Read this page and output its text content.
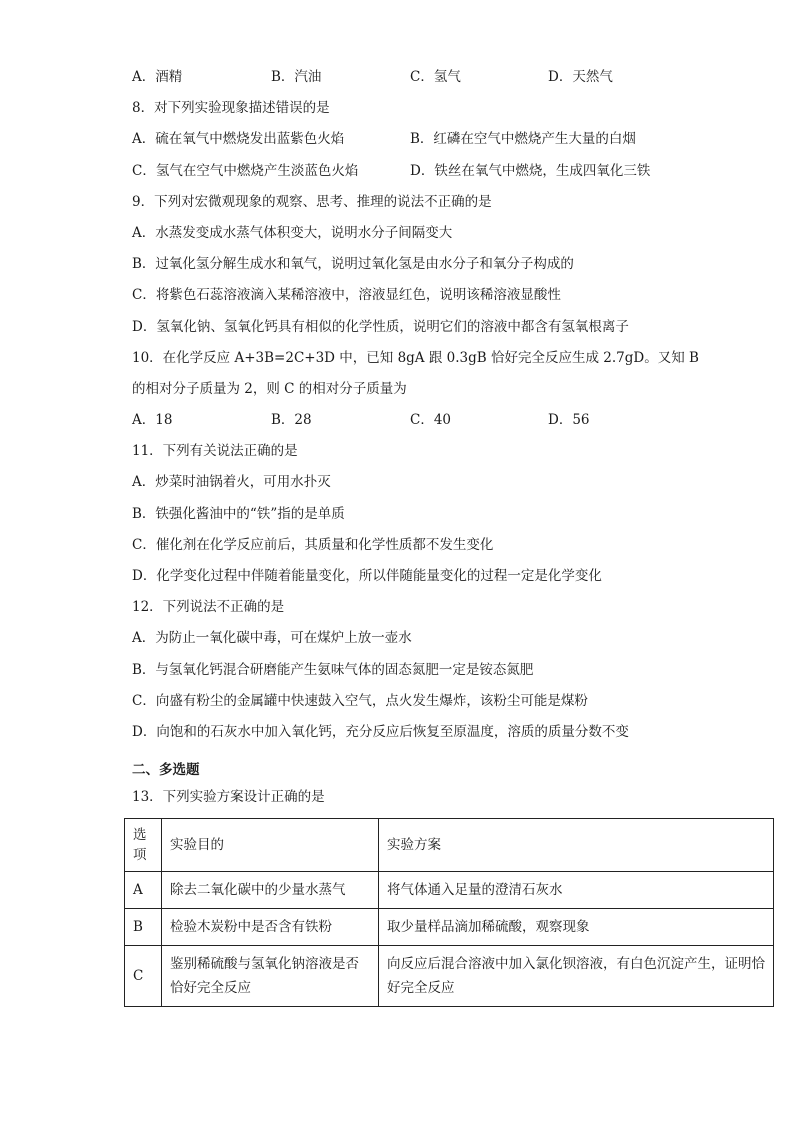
A．酒精	B．汽油	C．氢气	D．天然气
8．对下列实验现象描述错误的是
A．硫在氧气中燃烧发出蓝紫色火焰	B．红磷在空气中燃烧产生大量的白烟
C．氢气在空气中燃烧产生淡蓝色火焰	D．铁丝在氧气中燃烧，生成四氧化三铁
9．下列对宏微观现象的观察、思考、推理的说法不正确的是
A．水蒸发变成水蒸气体积变大，说明水分子间隔变大
B．过氧化氢分解生成水和氧气，说明过氧化氢是由水分子和氧分子构成的
C．将紫色石蕊溶液滴入某稀溶液中，溶液显红色，说明该稀溶液显酸性
D．氢氧化钠、氢氧化钙具有相似的化学性质，说明它们的溶液中都含有氢氧根离子
10．在化学反应 A+3B=2C+3D 中，已知 8gA 跟 0.3gB 恰好完全反应生成 2.7gD。又知 B
的相对分子质量为 2，则 C 的相对分子质量为
A．18	B．28	C．40	D．56
11．下列有关说法正确的是
A．炒菜时油锅着火，可用水扑灭
B．铁强化酱油中的“铁”指的是单质
C．催化剂在化学反应前后，其质量和化学性质都不发生变化
D．化学变化过程中伴随着能量变化，所以伴随能量变化的过程一定是化学变化
12．下列说法不正确的是
A．为防止一氧化碳中毒，可在煤炉上放一壶水
B．与氢氧化钙混合研磨能产生氨味气体的固态氮肥一定是铵态氮肥
C．向盛有粉尘的金属罐中快速鼓入空气，点火发生爆炸，该粉尘可能是煤粉
D．向饱和的石灰水中加入氧化钙，充分反应后恢复至原温度，溶质的质量分数不变
二、多选题
13．下列实验方案设计正确的是
选
项	实验目的	实验方案
A	除去二氧化碳中的少量水蒸气	将气体通入足量的澄清石灰水
B	检验木炭粉中是否含有铁粉	取少量样品滴加稀硫酸，观察现象
C	鉴别稀硫酸与氢氧化钠溶液是否恰好完全反应	向反应后混合溶液中加入氯化钡溶液，有白色沉淀产生，证明恰好完全反应
